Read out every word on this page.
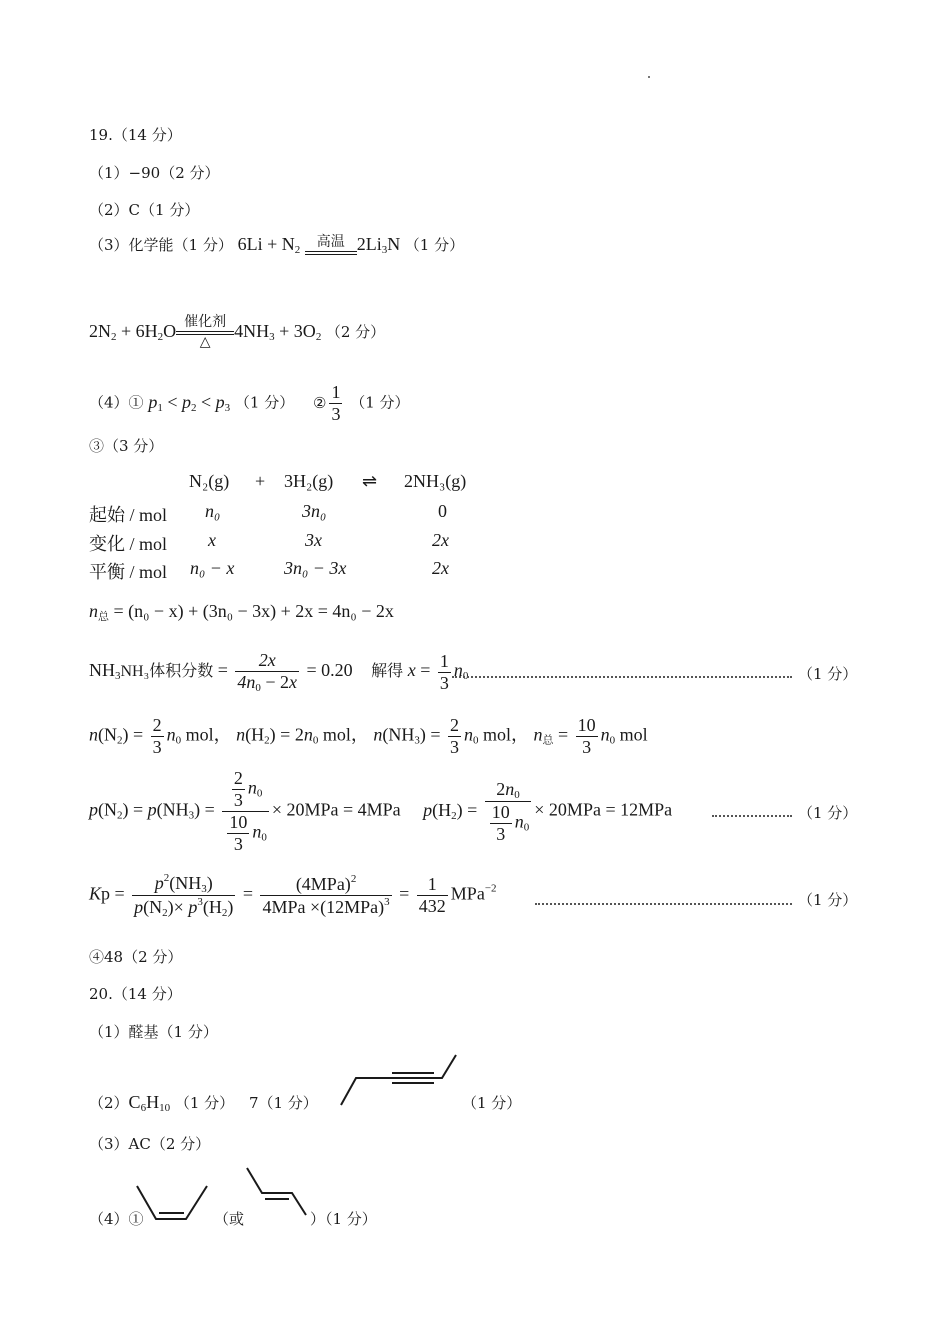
19.（14 分）
（1）−90（2 分）
（2）C（1 分）
（3）化学能（1 分） $6Li + N_2$	高温 $2Li_3N$ （1 分）
$2N_2 + 6H_2O$ 催化剂
△
$4NH_3 + 3O_2$ （2 分）
（4）① $p_1 < p_2 < p_3$ （1 分） ② $\frac{1}{3} (1$ 分）
③（3 分）
N₂(g) + 3H₂(g) ⇌ 2NH₃(g)
起始 / mol n₀	3n₀	0
变化 / mol x	3x	2x
平衡 / mol n₀ − x	3n₀ − 3x	2x
$n_总 = (n_0 - x) + (3n_0 - 3x) + 2x = 4n_0 - 2x$
$NH_3NH_3$体积分数 = $\frac{2x}{4n_0 - 2x} = 0.20$ 解得 $x = \frac{1}{3} n_0$	（1 分）
$n(N_2) = \frac{2}{3} n_0$ mol， $n(H_2) = 2n_0$ mol， $n(NH_3) = \frac{2}{3} n_0$ mol， $n_总 = \frac{10}{3} n_0$ mol
$p(N_2) = p(NH_3) = \frac{\frac{2}{3} n_0}{\frac{10}{3} n_0} \times 20MPa = 4MPa$ $p(H_2) = \frac{2n_0}{\frac{10}{3} n_0} \times 20MPa = 12MPa$	（1 分）
$Kp = \frac{p^2(NH_3)}{p(N_2)\times p^3(H_2)} = \frac{(4MPa)^2}{4MPa \times(12MPa)^3} = \frac{1}{432} MPa^{-2}$
（1 分）
④48（2 分）
20.（14 分）
（1）醛基（1 分）
$(2)C_6H_{10}$ （1 分） 7（1 分）	（1 分）
（3）AC（2 分）
（4）①	（或	）（1 分）
